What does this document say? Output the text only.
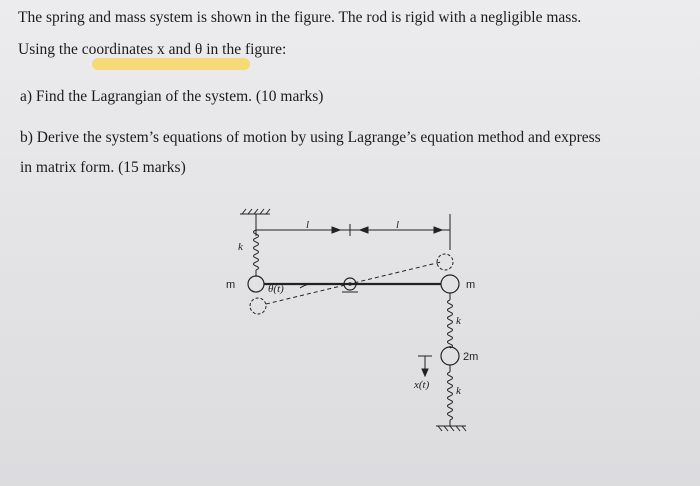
The spring and mass system is shown in the figure. The rod is rigid with a negligible mass.
Using the coordinates x and θ in the figure:
a) Find the Lagrangian of the system. (10 marks)
b) Derive the system’s equations of motion by using Lagrange’s equation method and express
in matrix form. (15 marks)
l	l
k
m	θ(t)	m
k
2m
x(t) k
